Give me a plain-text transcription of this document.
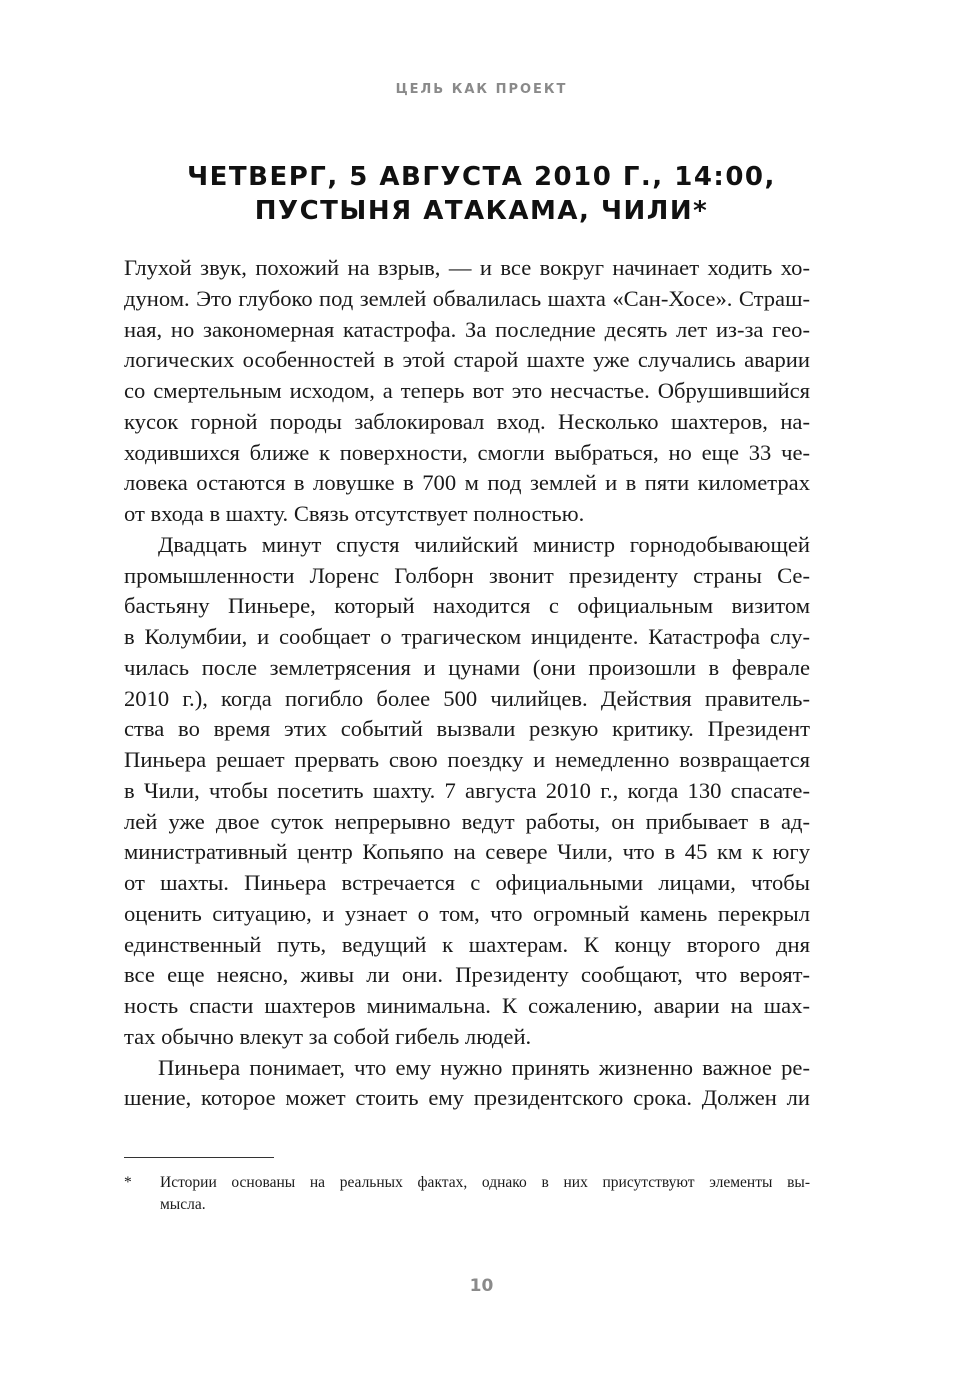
ЦЕЛЬ КАК ПРОЕКТ
ЧЕТВЕРГ, 5 АВГУСТА 2010 Г., 14:00,
ПУСТЫНЯ АТАКАМА, ЧИЛИ*
Глухой звук, похожий на взрыв, — и все вокруг начинает ходить хо-
дуном. Это глубоко под землей обвалилась шахта «Сан-Хосе». Страш-
ная, но закономерная катастрофа. За последние десять лет из-за гео-
логических особенностей в этой старой шахте уже случались аварии
со смертельным исходом, а теперь вот это несчастье. Обрушившийся
кусок горной породы заблокировал вход. Несколько шахтеров, на-
ходившихся ближе к поверхности, смогли выбраться, но еще 33 че-
ловека остаются в ловушке в 700 м под землей и в пяти километрах
от входа в шахту. Связь отсутствует полностью.
Двадцать минут спустя чилийский министр горнодобывающей
промышленности Лоренс Голборн звонит президенту страны Се-
бастьяну Пиньере, который находится с официальным визитом
в Колумбии, и сообщает о трагическом инциденте. Катастрофа слу-
чилась после землетрясения и цунами (они произошли в феврале
2010 г.), когда погибло более 500 чилийцев. Действия правитель-
ства во время этих событий вызвали резкую критику. Президент
Пиньера решает прервать свою поездку и немедленно возвращается
в Чили, чтобы посетить шахту. 7 августа 2010 г., когда 130 спасате-
лей уже двое суток непрерывно ведут работы, он прибывает в ад-
министративный центр Копьяпо на севере Чили, что в 45 км к югу
от шахты. Пиньера встречается с официальными лицами, чтобы
оценить ситуацию, и узнает о том, что огромный камень перекрыл
единственный путь, ведущий к шахтерам. К концу второго дня
все еще неясно, живы ли они. Президенту сообщают, что вероят-
ность спасти шахтеров минимальна. К сожалению, аварии на шах-
тах обычно влекут за собой гибель людей.
Пиньера понимает, что ему нужно принять жизненно важное ре-
шение, которое может стоить ему президентского срока. Должен ли
* Истории основаны на реальных фактах, однако в них присутствуют элементы вы-
мысла.
10
